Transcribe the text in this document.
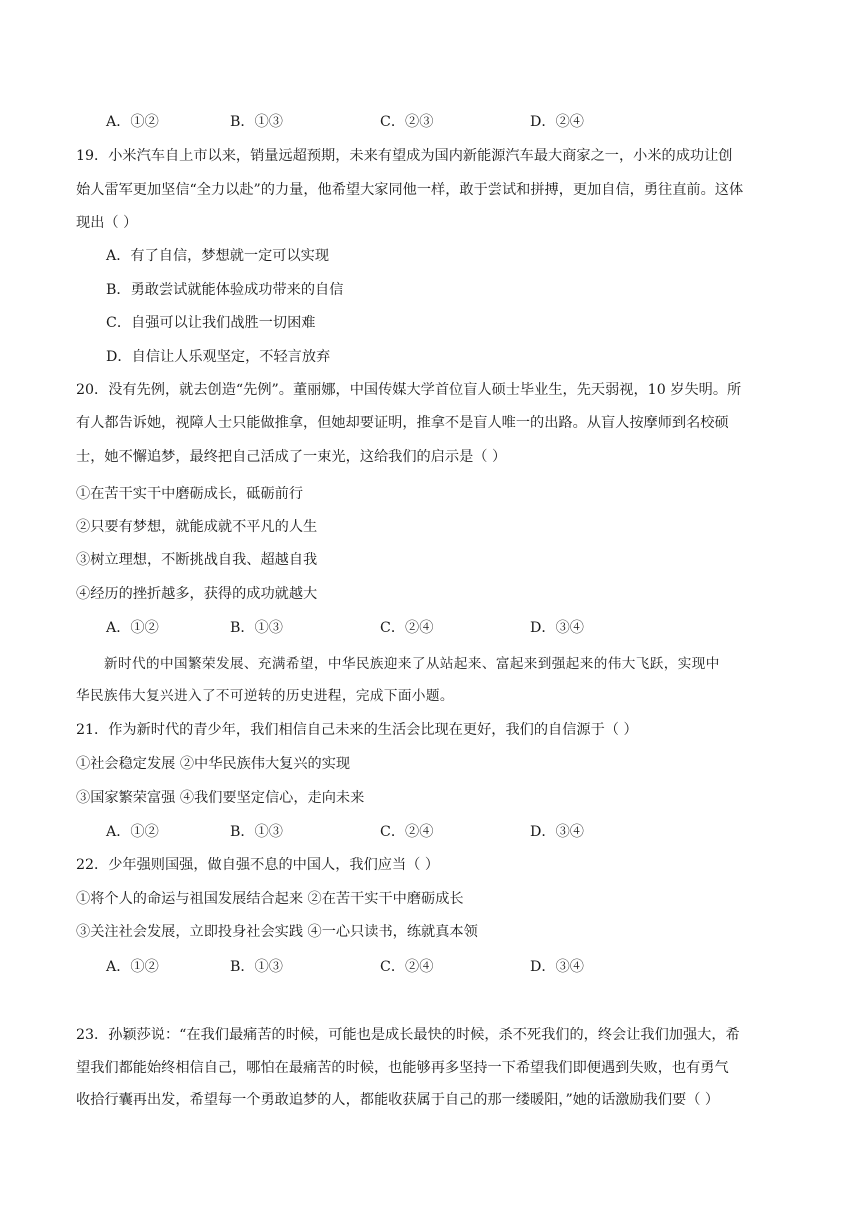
A．①②	B．①③	C．②③	D．②④
19．小米汽车自上市以来，销量远超预期，未来有望成为国内新能源汽车最大商家之一，小米的成功让创
始人雷军更加坚信“全力以赴”的力量，他希望大家同他一样，敢于尝试和拼搏，更加自信，勇往直前。这体
现出（ ）
A．有了自信，梦想就一定可以实现
B．勇敢尝试就能体验成功带来的自信
C．自强可以让我们战胜一切困难
D．自信让人乐观坚定，不轻言放弃
20．没有先例，就去创造“先例”。董丽娜，中国传媒大学首位盲人硕士毕业生，先天弱视，10 岁失明。所
有人都告诉她，视障人士只能做推拿，但她却要证明，推拿不是盲人唯一的出路。从盲人按摩师到名校硕
士，她不懈追梦，最终把自己活成了一束光，这给我们的启示是（ ）
①在苦干实干中磨砺成长，砥砺前行
②只要有梦想，就能成就不平凡的人生
③树立理想，不断挑战自我、超越自我
④经历的挫折越多，获得的成功就越大
A．①②	B．①③	C．②④	D．③④
新时代的中国繁荣发展、充满希望，中华民族迎来了从站起来、富起来到强起来的伟大飞跃，实现中
华民族伟大复兴进入了不可逆转的历史进程，完成下面小题。
21．作为新时代的青少年，我们相信自己未来的生活会比现在更好，我们的自信源于（ ）
①社会稳定发展 ②中华民族伟大复兴的实现
③国家繁荣富强 ④我们要坚定信心，走向未来
A．①②	B．①③	C．②④	D．③④
22．少年强则国强，做自强不息的中国人，我们应当（ ）
①将个人的命运与祖国发展结合起来 ②在苦干实干中磨砺成长
③关注社会发展，立即投身社会实践 ④一心只读书，练就真本领
A．①②	B．①③	C．②④	D．③④
23．孙颖莎说：“在我们最痛苦的时候，可能也是成长最快的时候，杀不死我们的，终会让我们加强大，希
望我们都能始终相信自己，哪怕在最痛苦的时候，也能够再多坚持一下希望我们即便遇到失败，也有勇气
收拾行囊再出发，希望每一个勇敢追梦的人，都能收获属于自己的那一缕暖阳，”她的话激励我们要（ ）
